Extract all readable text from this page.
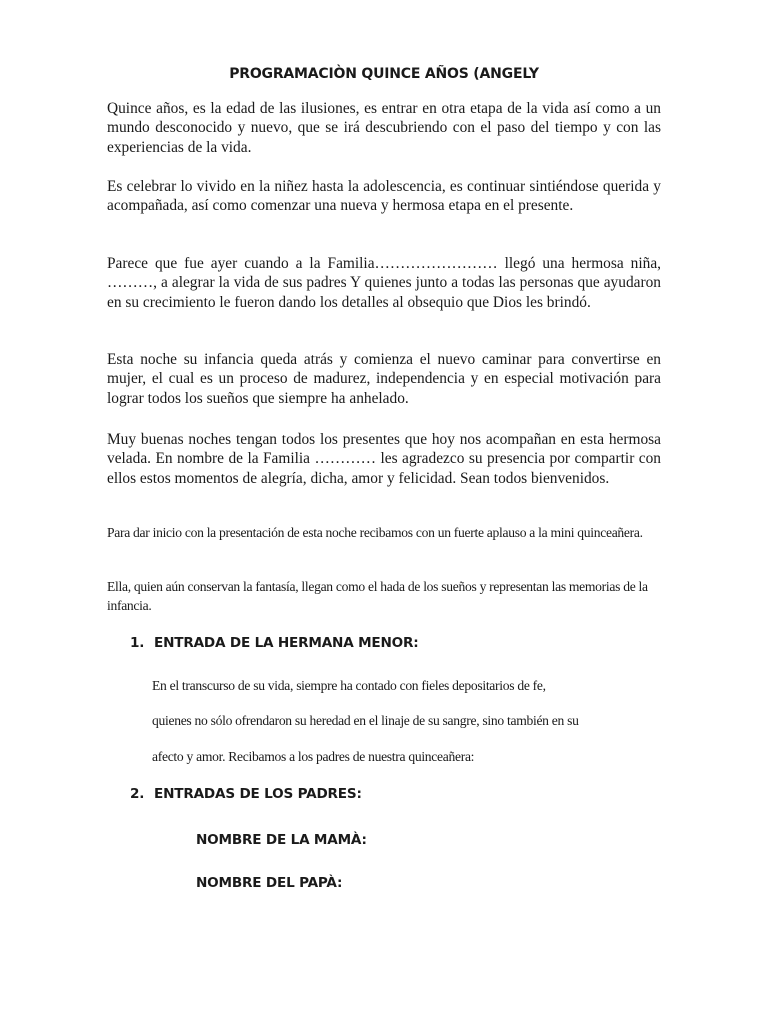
PROGRAMACIÒN QUINCE AÑOS (ANGELY
Quince años, es la edad de las ilusiones, es entrar en otra etapa de la vida así como a un mundo desconocido y nuevo, que se irá descubriendo con el paso del tiempo y con las experiencias de la vida.
Es celebrar lo vivido en la niñez hasta la adolescencia, es continuar sintiéndose querida y acompañada, así como comenzar una nueva y hermosa etapa en el presente.
Parece que fue ayer cuando a la Familia…………………… llegó una hermosa niña, ………, a alegrar la vida de sus padres Y quienes junto a todas las personas que ayudaron en su crecimiento le fueron dando los detalles al obsequio que Dios les brindó.
Esta noche su infancia queda atrás y comienza el nuevo caminar para convertirse en mujer, el cual es un proceso de madurez, independencia y en especial motivación para lograr todos los sueños que siempre ha anhelado.
Muy buenas noches tengan todos los presentes que hoy nos acompañan en esta hermosa velada. En nombre de la Familia ………… les agradezco su presencia por compartir con ellos estos momentos de alegría, dicha, amor y felicidad. Sean todos bienvenidos.
Para dar inicio con la presentación de esta noche recibamos con un fuerte aplauso a la mini quinceañera.
Ella, quien aún conservan la fantasía, llegan como el hada de los sueños y representan las memorias de la infancia.
1. ENTRADA DE LA HERMANA MENOR:
En el transcurso de su vida, siempre ha contado con fieles depositarios de fe,
quienes no sólo ofrendaron su heredad en el linaje de su sangre, sino también en su
afecto y amor. Recibamos a los padres de nuestra quinceañera:
2. ENTRADAS DE LOS PADRES:
NOMBRE DE LA MAMÀ:
NOMBRE DEL PAPÀ:
